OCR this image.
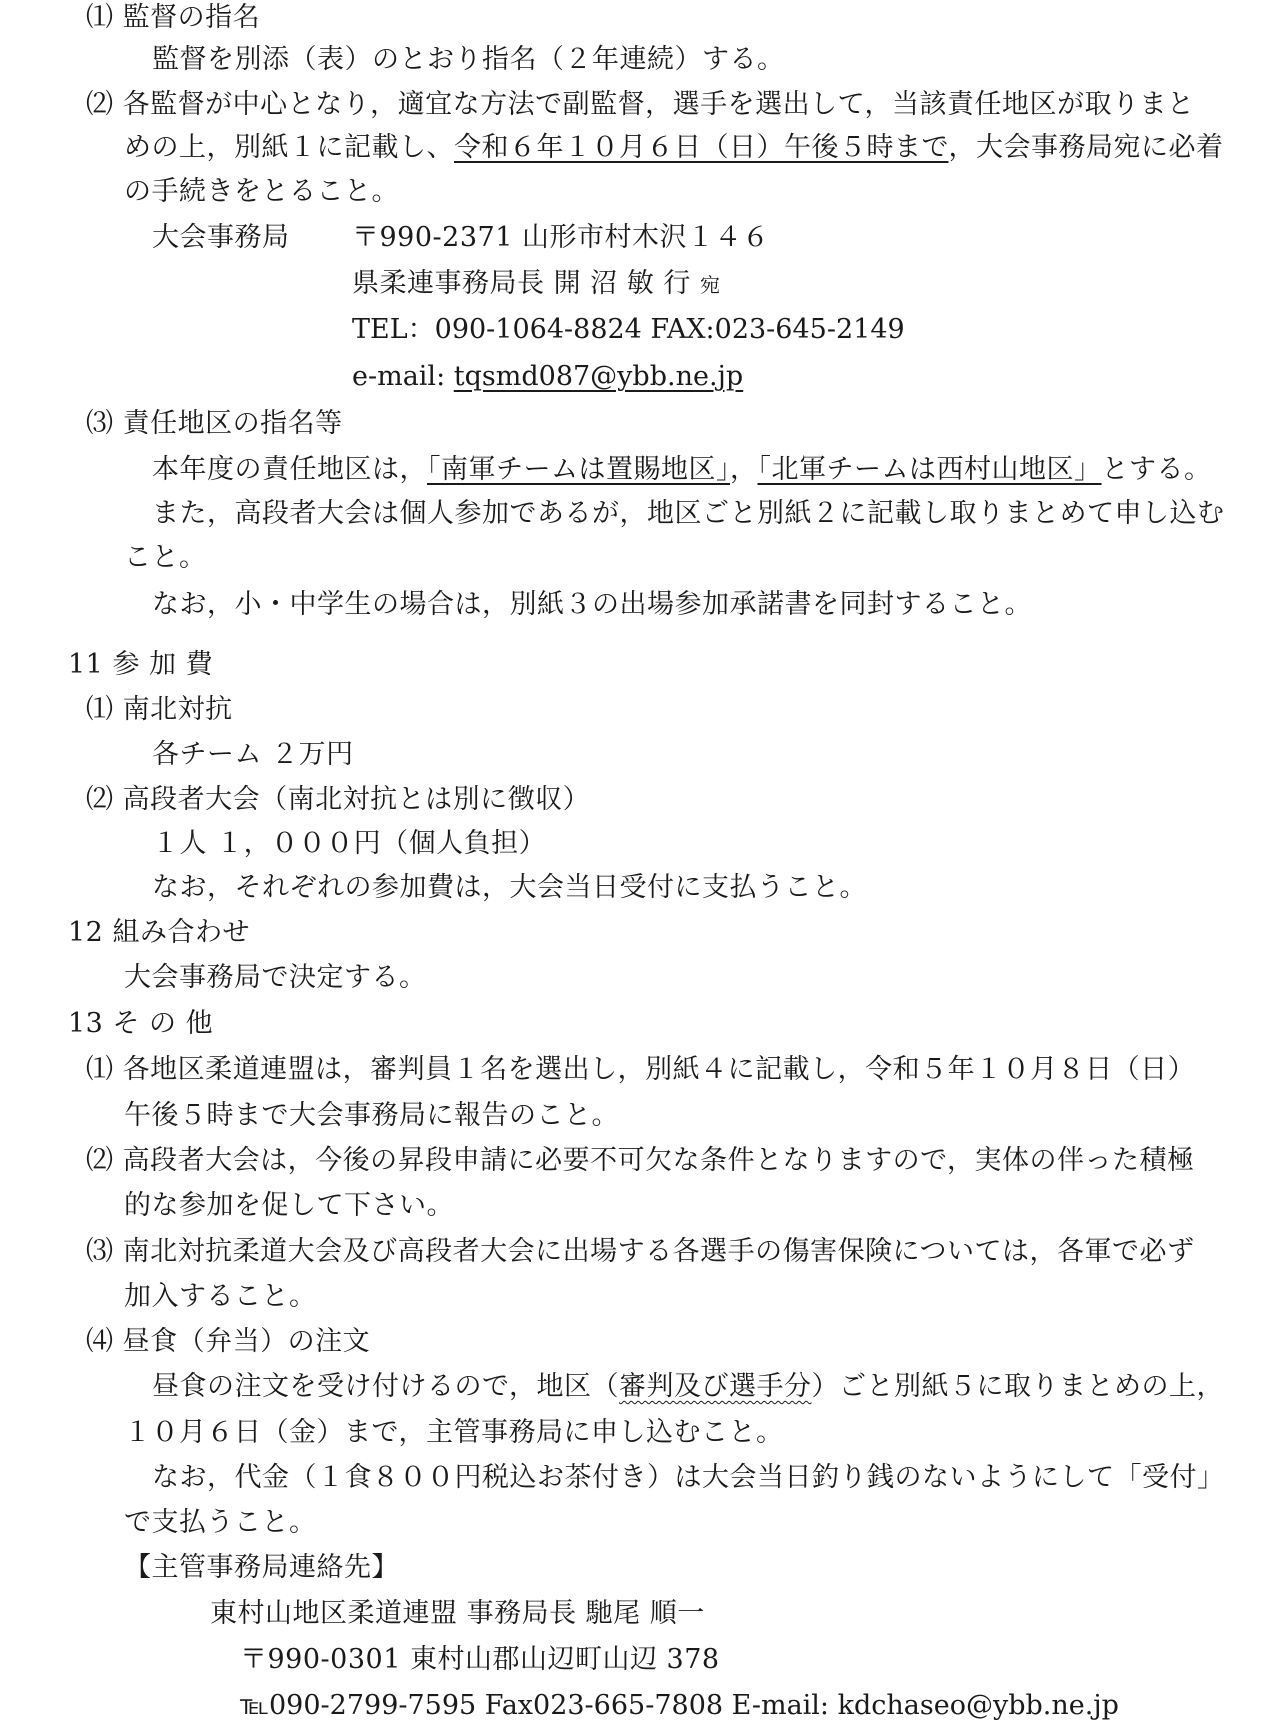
⑴ 監督の指名

監督を別添（表）のとおり指名（２年連続）する。

⑵ 各監督が中心となり，適宜な方法で副監督，選手を選出して，当該責任地区が取りまと

めの上，別紙１に記載し、令和６年１０月６日（日）午後５時まで，大会事務局宛に必着

の手続きをとること。

大会事務局 〒990-2371 山形市村木沢１４６

県柔連事務局長 開 沼 敏 行 宛

TEL：090-1064-8824 FAX:023-645-2149

e-mail: tqsmd087@ybb.ne.jp

⑶ 責任地区の指名等

本年度の責任地区は，「南軍チームは置賜地区」，「北軍チームは西村山地区」とする。

また，高段者大会は個人参加であるが，地区ごと別紙２に記載し取りまとめて申し込む

こと。

なお，小・中学生の場合は，別紙３の出場参加承諾書を同封すること。

11 参 加 費

⑴ 南北対抗

各チーム ２万円

⑵ 高段者大会（南北対抗とは別に徴収）

１人 １，０００円（個人負担）

なお，それぞれの参加費は，大会当日受付に支払うこと。

12 組み合わせ

大会事務局で決定する。

13 そ の 他

⑴ 各地区柔道連盟は，審判員１名を選出し，別紙４に記載し，令和５年１０月８日（日）

午後５時まで大会事務局に報告のこと。

⑵ 高段者大会は，今後の昇段申請に必要不可欠な条件となりますので，実体の伴った積極

的な参加を促して下さい。

⑶ 南北対抗柔道大会及び高段者大会に出場する各選手の傷害保険については，各軍で必ず

加入すること。

⑷ 昼食（弁当）の注文

昼食の注文を受け付けるので，地区（審判及び選手分）ごと別紙５に取りまとめの上，

１０月６日（金）まで，主管事務局に申し込むこと。

なお，代金（１食８００円税込お茶付き）は大会当日釣り銭のないようにして「受付」

で支払うこと。

【主管事務局連絡先】

東村山地区柔道連盟 事務局長 馳尾 順一

〒990-0301 東村山郡山辺町山辺 378

℡090-2799-7595 Fax023-665-7808 E-mail: kdchaseo@ybb.ne.jp
